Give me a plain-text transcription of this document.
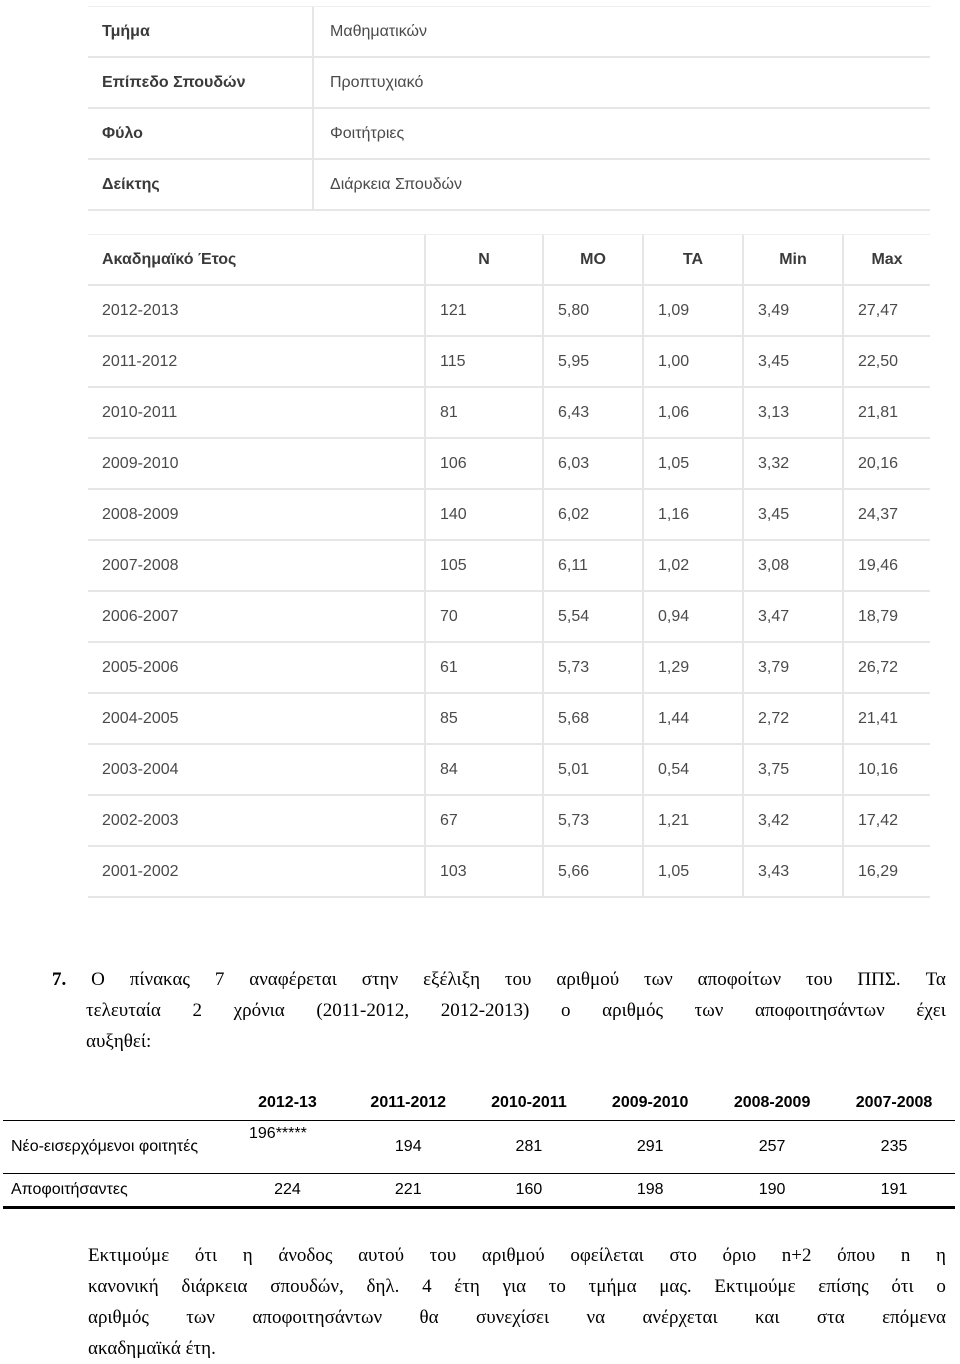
Τμήμα	Μαθηματικών
Επίπεδο Σπουδών	Προπτυχιακό
Φύλο	Φοιτήτριες
Δείκτης	Διάρκεια Σπουδών
Ακαδημαϊκό Έτος	N	MO	TA	Min	Max
2012-2013	121	5,80	1,09	3,49	27,47
2011-2012	115	5,95	1,00	3,45	22,50
2010-2011	81	6,43	1,06	3,13	21,81
2009-2010	106	6,03	1,05	3,32	20,16
2008-2009	140	6,02	1,16	3,45	24,37
2007-2008	105	6,11	1,02	3,08	19,46
2006-2007	70	5,54	0,94	3,47	18,79
2005-2006	61	5,73	1,29	3,79	26,72
2004-2005	85	5,68	1,44	2,72	21,41
2003-2004	84	5,01	0,54	3,75	10,16
2002-2003	67	5,73	1,21	3,42	17,42
2001-2002	103	5,66	1,05	3,43	16,29
7. Ο πίνακας 7 αναφέρεται στην εξέλιξη του αριθμού των αποφοίτων του ΠΠΣ. Τα
τελευταία 2 χρόνια (2011-2012, 2012-2013) ο αριθμός των αποφοιτησάντων έχει
αυξηθεί:
	2012-13	2011-2012	2010-2011	2009-2010	2008-2009	2007-2008
Νέο-εισερχόμενοι φοιτητές	196*****	194	281	291	257	235
Αποφοιτήσαντες	224	221	160	198	190	191
Εκτιμούμε ότι η άνοδος αυτού του αριθμού οφείλεται στο όριο n+2 όπου n η
κανονική διάρκεια σπουδών, δηλ. 4 έτη για το τμήμα μας. Εκτιμούμε επίσης ότι ο
αριθμός των αποφοιτησάντων θα συνεχίσει να ανέρχεται και στα επόμενα
ακαδημαϊκά έτη.
